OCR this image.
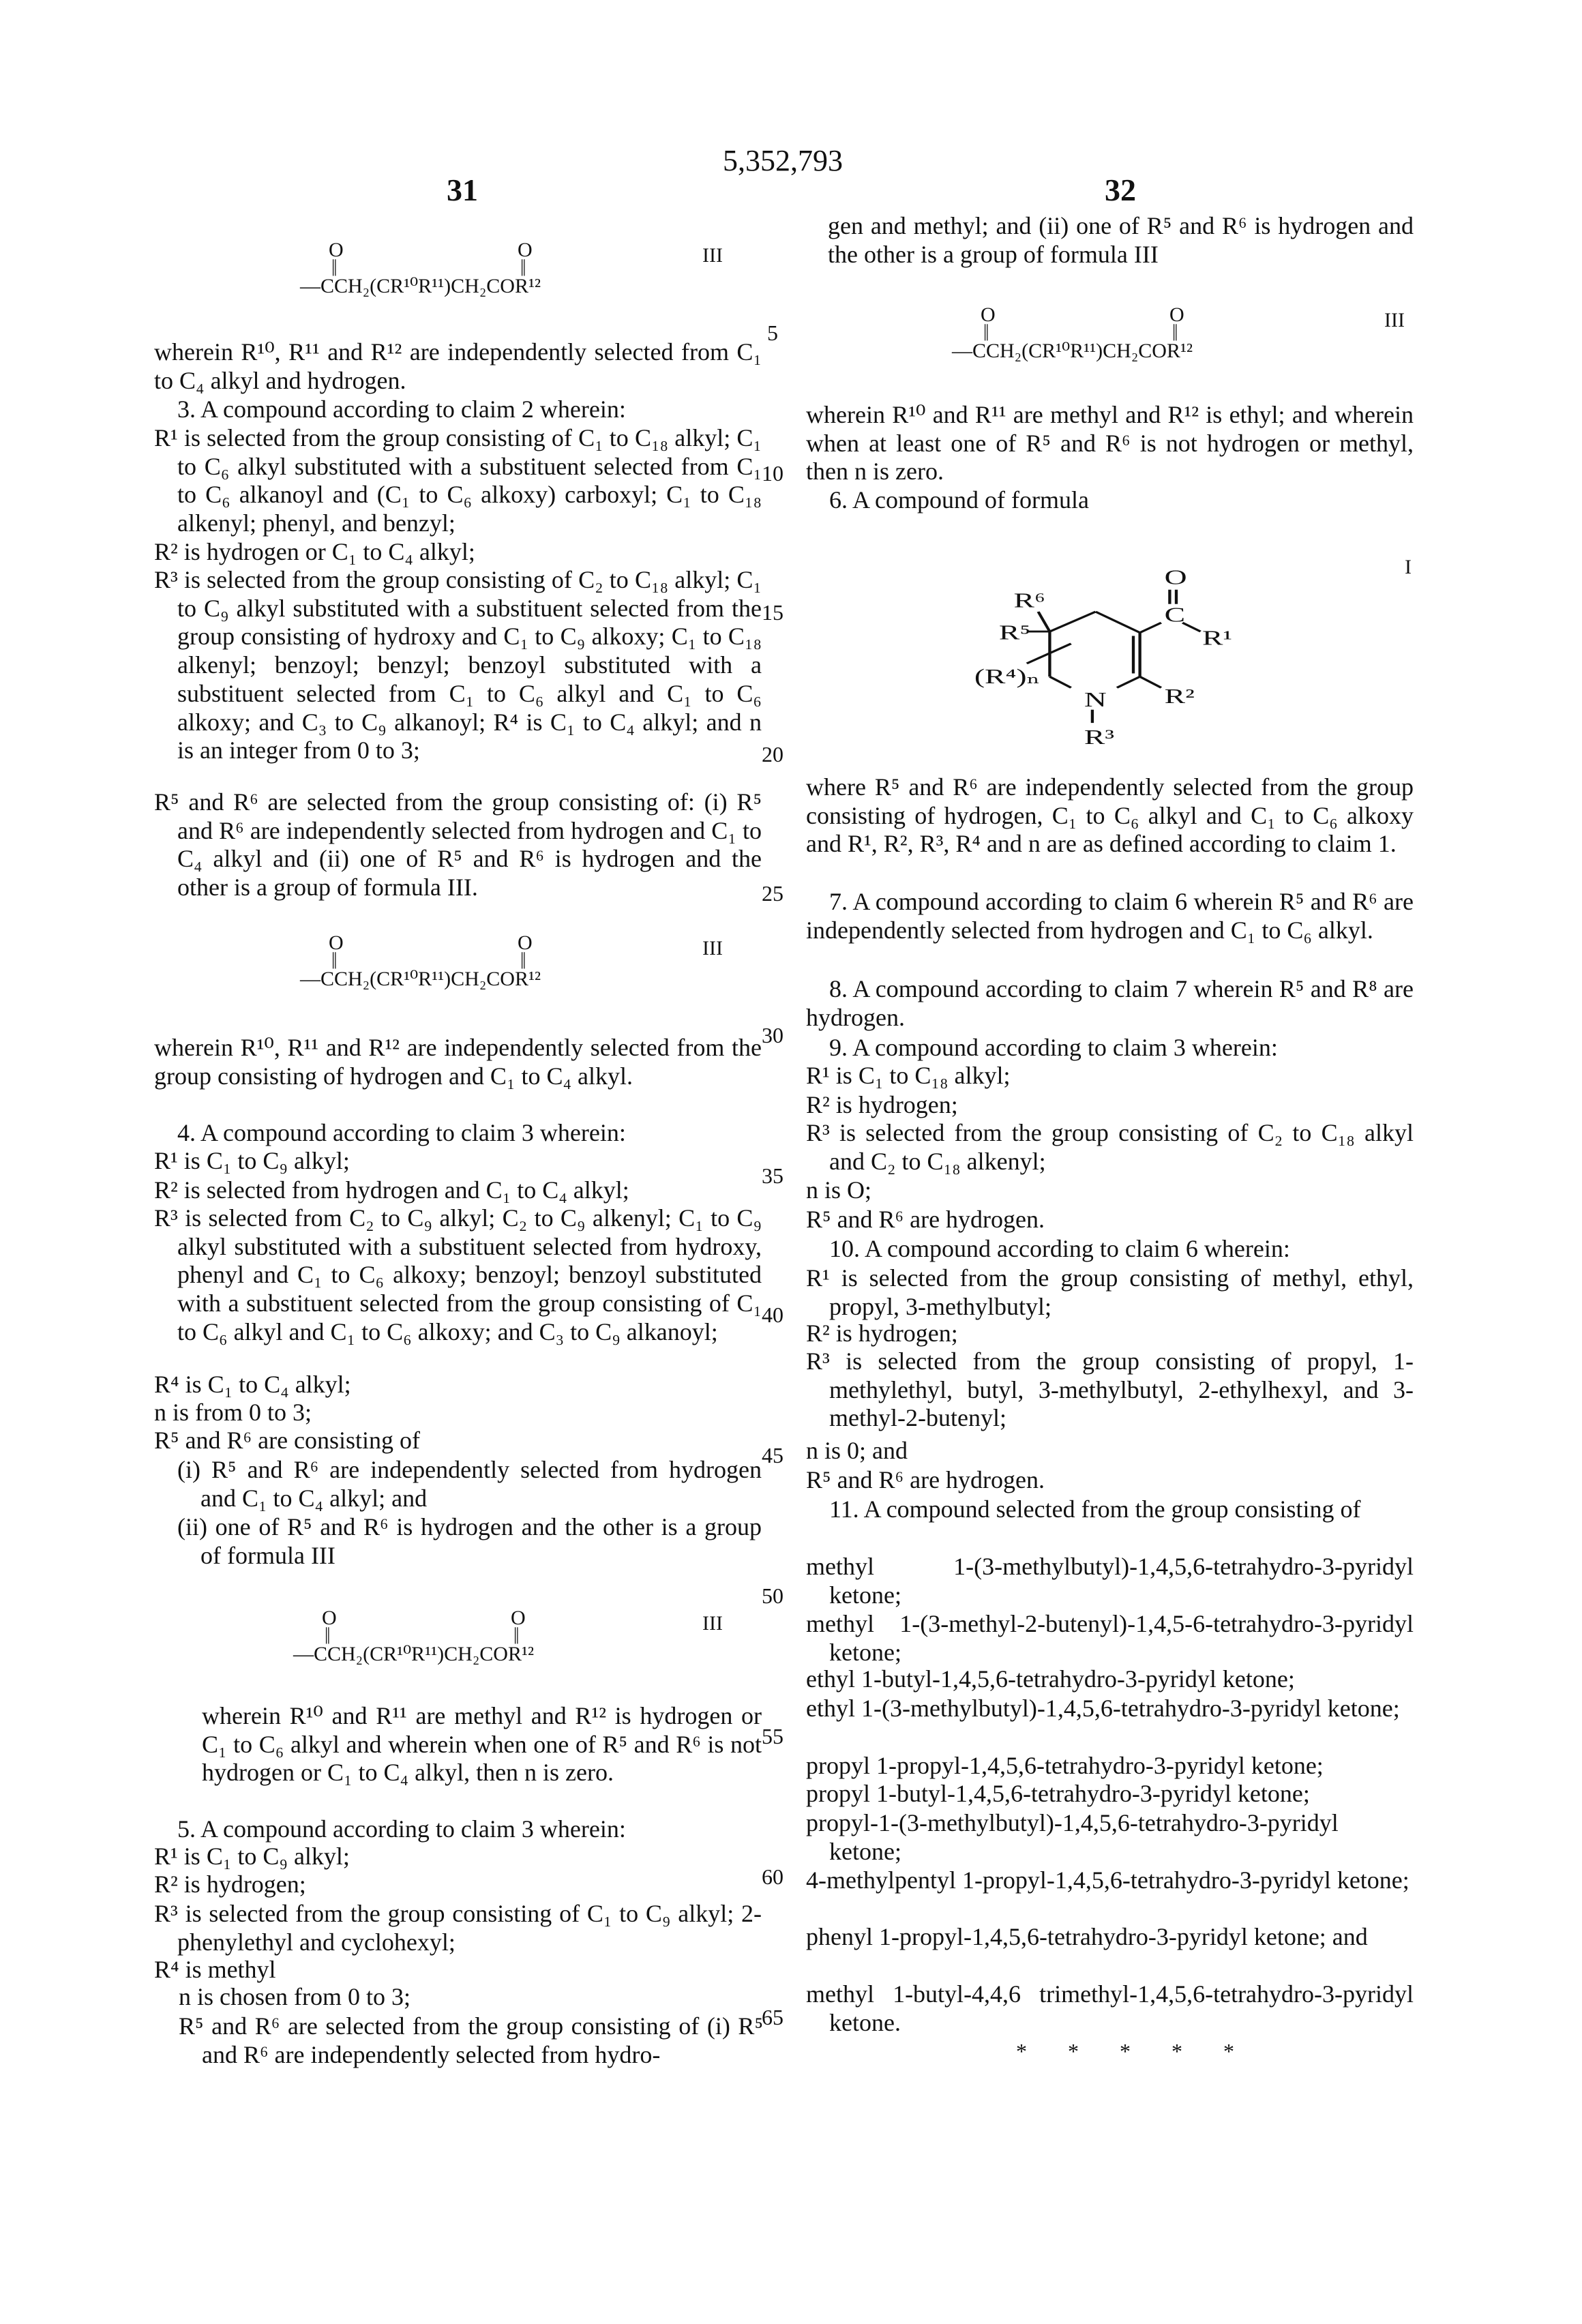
5,352,793
31	32
5
10
15
20
25
30
35
40
45
50
55
60
65
O
||
O
||
—CCH₂(CR¹⁰R¹¹)CH₂COR¹²
III
wherein R¹⁰, R¹¹ and R¹² are independently selected from C₁ to C₄ alkyl and hydrogen.
3. A compound according to claim 2 wherein:
R¹ is selected from the group consisting of C₁ to C₁₈ alkyl; C₁ to C₆ alkyl substituted with a substituent selected from C₁ to C₆ alkanoyl and (C₁ to C₆ alkoxy) carboxyl; C₁ to C₁₈ alkenyl; phenyl, and benzyl;
R² is hydrogen or C₁ to C₄ alkyl;
R³ is selected from the group consisting of C₂ to C₁₈ alkyl; C₁ to C₉ alkyl substituted with a substituent selected from the group consisting of hydroxy and C₁ to C₉ alkoxy; C₁ to C₁₈ alkenyl; benzoyl; benzyl; benzoyl substituted with a substituent selected from C₁ to C₆ alkyl and C₁ to C₆ alkoxy; and C₃ to C₉ alkanoyl; R⁴ is C₁ to C₄ alkyl; and n is an integer from 0 to 3;
R⁵ and R⁶ are selected from the group consisting of: (i) R⁵ and R⁶ are independently selected from hydrogen and C₁ to C₄ alkyl and (ii) one of R⁵ and R⁶ is hydrogen and the other is a group of formula III.
O
||
O
||
—CCH₂(CR¹⁰R¹¹)CH₂COR¹²
III
wherein R¹⁰, R¹¹ and R¹² are independently selected from the group consisting of hydrogen and C₁ to C₄ alkyl.
4. A compound according to claim 3 wherein:
R¹ is C₁ to C₉ alkyl;
R² is selected from hydrogen and C₁ to C₄ alkyl;
R³ is selected from C₂ to C₉ alkyl; C₂ to C₉ alkenyl; C₁ to C₉ alkyl substituted with a substituent selected from hydroxy, phenyl and C₁ to C₆ alkoxy; benzoyl; benzoyl substituted with a substituent selected from the group consisting of C₁ to C₆ alkyl and C₁ to C₆ alkoxy; and C₃ to C₉ alkanoyl;
R⁴ is C₁ to C₄ alkyl;
n is from 0 to 3;
R⁵ and R⁶ are consisting of
(i) R⁵ and R⁶ are independently selected from hydrogen and C₁ to C₄ alkyl; and
(ii) one of R⁵ and R⁶ is hydrogen and the other is a group of formula III
O
||
O
||
—CCH₂(CR¹⁰R¹¹)CH₂COR¹²
III
wherein R¹⁰ and R¹¹ are methyl and R¹² is hydrogen or C₁ to C₆ alkyl and wherein when one of R⁵ and R⁶ is not hydrogen or C₁ to C₄ alkyl, then n is zero.
5. A compound according to claim 3 wherein:
R¹ is C₁ to C₉ alkyl;
R² is hydrogen;
R³ is selected from the group consisting of C₁ to C₉ alkyl; 2-phenylethyl and cyclohexyl;
R⁴ is methyl
n is chosen from 0 to 3;
R⁵ and R⁶ are selected from the group consisting of (i) R⁵ and R⁶ are independently selected from hydro-
gen and methyl; and (ii) one of R⁵ and R⁶ is hydrogen and the other is a group of formula III
O
||
O
||
—CCH₂(CR¹⁰R¹¹)CH₂COR¹²
III
wherein R¹⁰ and R¹¹ are methyl and R¹² is ethyl; and wherein when at least one of R⁵ and R⁶ is not hydrogen or methyl, then n is zero.
6. A compound of formula
O
C
R¹
R²
N
R³
R⁶
R⁵
(R⁴)ₙ
I
where R⁵ and R⁶ are independently selected from the group consisting of hydrogen, C₁ to C₆ alkyl and C₁ to C₆ alkoxy and R¹, R², R³, R⁴ and n are as defined according to claim 1.
7. A compound according to claim 6 wherein R⁵ and R⁶ are independently selected from hydrogen and C₁ to C₆ alkyl.
8. A compound according to claim 7 wherein R⁵ and R⁸ are hydrogen.
9. A compound according to claim 3 wherein:
R¹ is C₁ to C₁₈ alkyl;
R² is hydrogen;
R³ is selected from the group consisting of C₂ to C₁₈ alkyl and C₂ to C₁₈ alkenyl;
n is O;
R⁵ and R⁶ are hydrogen.
10. A compound according to claim 6 wherein:
R¹ is selected from the group consisting of methyl, ethyl, propyl, 3-methylbutyl;
R² is hydrogen;
R³ is selected from the group consisting of propyl, 1-methylethyl, butyl, 3-methylbutyl, 2-ethylhexyl, and 3-methyl-2-butenyl;
n is 0; and
R⁵ and R⁶ are hydrogen.
11. A compound selected from the group consisting of
methyl 1-(3-methylbutyl)-1,4,5,6-tetrahydro-3-pyridyl ketone;
methyl 1-(3-methyl-2-butenyl)-1,4,5-6-tetrahydro-3-pyridyl ketone;
ethyl 1-butyl-1,4,5,6-tetrahydro-3-pyridyl ketone;
ethyl 1-(3-methylbutyl)-1,4,5,6-tetrahydro-3-pyridyl ketone;
propyl 1-propyl-1,4,5,6-tetrahydro-3-pyridyl ketone;
propyl 1-butyl-1,4,5,6-tetrahydro-3-pyridyl ketone;
propyl-1-(3-methylbutyl)-1,4,5,6-tetrahydro-3-pyridyl ketone;
4-methylpentyl 1-propyl-1,4,5,6-tetrahydro-3-pyridyl ketone;
phenyl 1-propyl-1,4,5,6-tetrahydro-3-pyridyl ketone; and
methyl 1-butyl-4,4,6 trimethyl-1,4,5,6-tetrahydro-3-pyridyl ketone.
* * * * *
